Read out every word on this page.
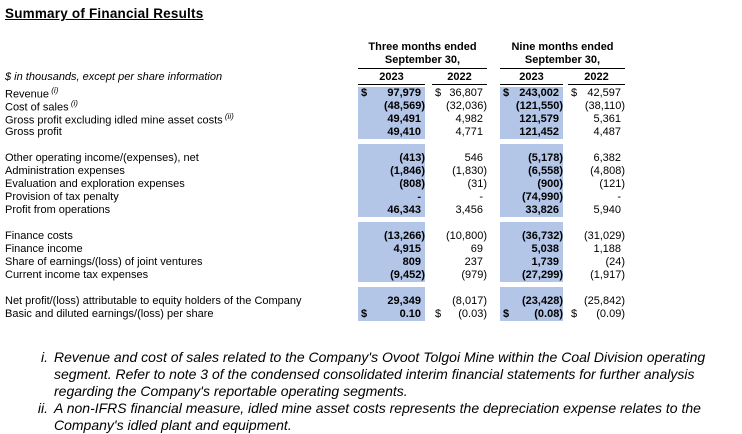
Summary of Financial Results
Three months ended
September 30,
Nine months ended
September 30,
$ in thousands, except per share information	2023	2022	2023	2022
Revenue $^{(i)}$	$ 97,979 $ 36,807 $ 243,002 $ 42,597
Cost of sales $^{(i)}$	(48,569) (32,036)	(121,550) (38,110)
Gross profit excluding idled mine asset costs $^{(ii)}$	49,491	4,982	121,579	5,361
Gross profit	49,410	4,771	121,452	4,487
Other operating income/(expenses), net	(413)	546	(5,178)	6,382
Administration expenses	(1,846) (1,830)	(6,558) (4,808)
Evaluation and exploration expenses	(808)	(31)	(900)	(121)
Provision of tax penalty	-	-	(74,990)	-
Profit from operations	46,343	3,456	33,826	5,940
Finance costs	(13,266) (10,800)	(36,732) (31,029)
Finance income	4,915	69	5,038	1,188
Share of earnings/(loss) of joint ventures	809	237	1,739	(24)
Current income tax expenses	(9,452)	(979)	(27,299) (1,917)
Net profit/(loss) attributable to equity holders of the Company	29,349	(8,017)	(23,428) (25,842)
Basic and diluted earnings/(loss) per share	$	0.10 $ (0.03) $ (0.08) $ (0.09)
i. Revenue and cost of sales related to the Company's Ovoot Tolgoi Mine within the Coal Division operating segment. Refer to note 3 of the condensed consolidated interim financial statements for further analysis regarding the Company's reportable operating segments.
ii. A non-IFRS financial measure, idled mine asset costs represents the depreciation expense relates to the Company's idled plant and equipment.
